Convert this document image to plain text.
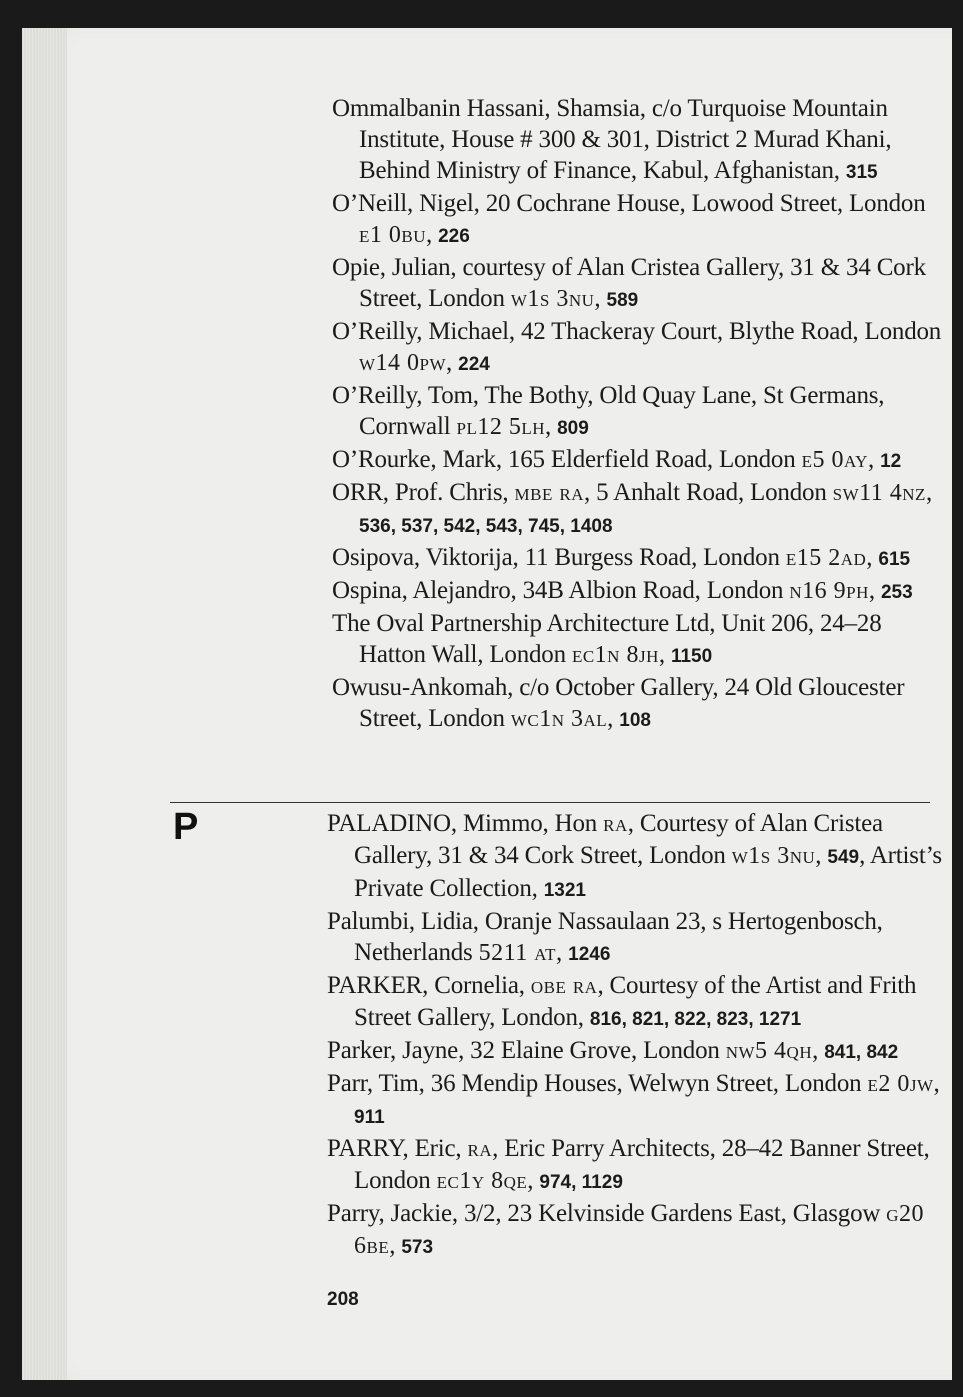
Ommalbanin Hassani, Shamsia, c/o Turquoise Mountain Institute, House # 300 & 301, District 2 Murad Khani, Behind Ministry of Finance, Kabul, Afghanistan, 315
O’Neill, Nigel, 20 Cochrane House, Lowood Street, London e1 0bu, 226
Opie, Julian, courtesy of Alan Cristea Gallery, 31 & 34 Cork Street, London w1s 3nu, 589
O’Reilly, Michael, 42 Thackeray Court, Blythe Road, London w14 0pw, 224
O’Reilly, Tom, The Bothy, Old Quay Lane, St Germans, Cornwall pl12 5lh, 809
O’Rourke, Mark, 165 Elderfield Road, London e5 0ay, 12
ORR, Prof. Chris, mbe ra, 5 Anhalt Road, London sw11 4nz, 536, 537, 542, 543, 745, 1408
Osipova, Viktorija, 11 Burgess Road, London e15 2ad, 615
Ospina, Alejandro, 34B Albion Road, London n16 9ph, 253
The Oval Partnership Architecture Ltd, Unit 206, 24–28 Hatton Wall, London ec1n 8jh, 1150
Owusu-Ankomah, c/o October Gallery, 24 Old Gloucester Street, London wc1n 3al, 108
P	PALADINO, Mimmo, Hon ra, Courtesy of Alan Cristea Gallery, 31 & 34 Cork Street, London w1s 3nu, 549, Artist’s Private Collection, 1321
Palumbi, Lidia, Oranje Nassaulaan 23, s Hertogenbosch, Netherlands 5211 at, 1246
PARKER, Cornelia, obe ra, Courtesy of the Artist and Frith Street Gallery, London, 816, 821, 822, 823, 1271
Parker, Jayne, 32 Elaine Grove, London nw5 4qh, 841, 842
Parr, Tim, 36 Mendip Houses, Welwyn Street, London e2 0jw, 911
PARRY, Eric, ra, Eric Parry Architects, 28–42 Banner Street, London ec1y 8qe, 974, 1129
Parry, Jackie, 3/2, 23 Kelvinside Gardens East, Glasgow g20 6be, 573
208
